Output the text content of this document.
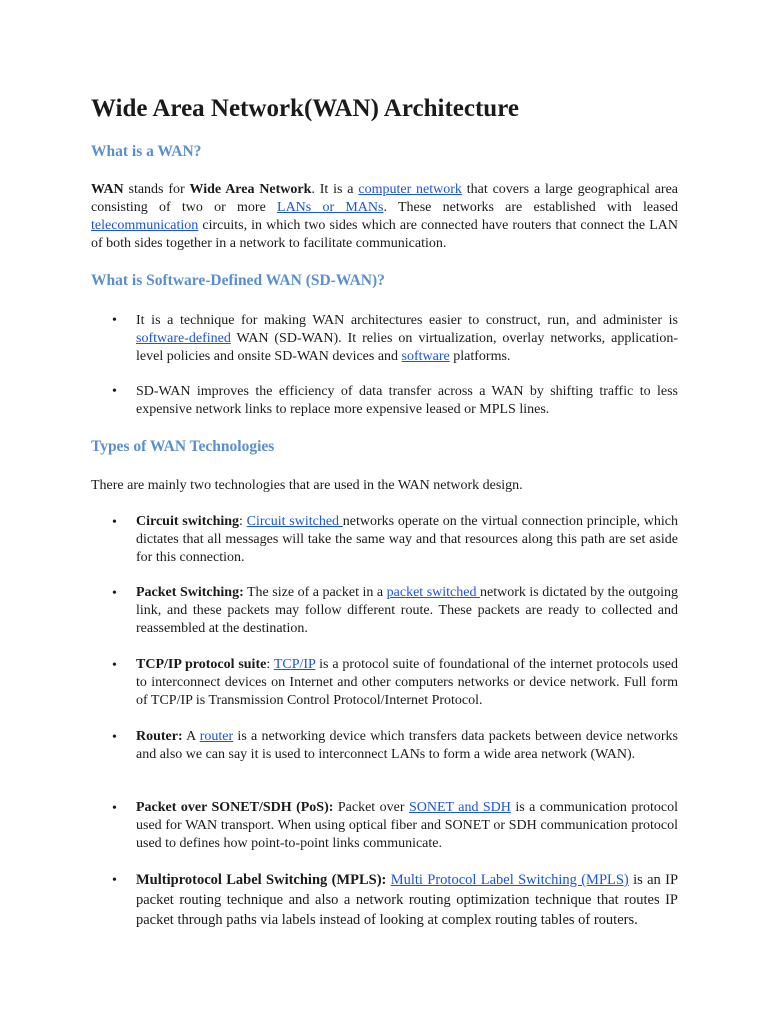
Wide Area Network(WAN) Architecture
What is a WAN?

WAN stands for Wide Area Network. It is a computer network that covers a large geographical area consisting of two or more LANs or MANs. These networks are established with leased telecommunication circuits, in which two sides which are connected have routers that connect the LAN of both sides together in a network to facilitate communication.

What is Software-Defined WAN (SD-WAN)?
• It is a technique for making WAN architectures easier to construct, run, and administer is software-defined WAN (SD-WAN). It relies on virtualization, overlay networks, application-level policies and onsite SD-WAN devices and software platforms.

• SD-WAN improves the efficiency of data transfer across a WAN by shifting traffic to less expensive network links to replace more expensive leased or MPLS lines.

Types of WAN Technologies

There are mainly two technologies that are used in the WAN network design.

• Circuit switching: Circuit switched networks operate on the virtual connection principle, which dictates that all messages will take the same way and that resources along this path are set aside for this connection.

• Packet Switching: The size of a packet in a packet switched network is dictated by the outgoing link, and these packets may follow different route. These packets are ready to collected and reassembled at the destination.

• TCP/IP protocol suite: TCP/IP is a protocol suite of foundational of the internet protocols used to interconnect devices on Internet and other computers networks or device network. Full form of TCP/IP is Transmission Control Protocol/Internet Protocol.

• Router: A router is a networking device which transfers data packets between device networks and also we can say it is used to interconnect LANs to form a wide area network (WAN).

• Packet over SONET/SDH (PoS): Packet over SONET and SDH is a communication protocol used for WAN transport. When using optical fiber and SONET or SDH communication protocol used to defines how point-to-point links communicate.

• Multiprotocol Label Switching (MPLS): Multi Protocol Label Switching (MPLS) is an IP packet routing technique and also a network routing optimization technique that routes IP packet through paths via labels instead of looking at complex routing tables of routers.
